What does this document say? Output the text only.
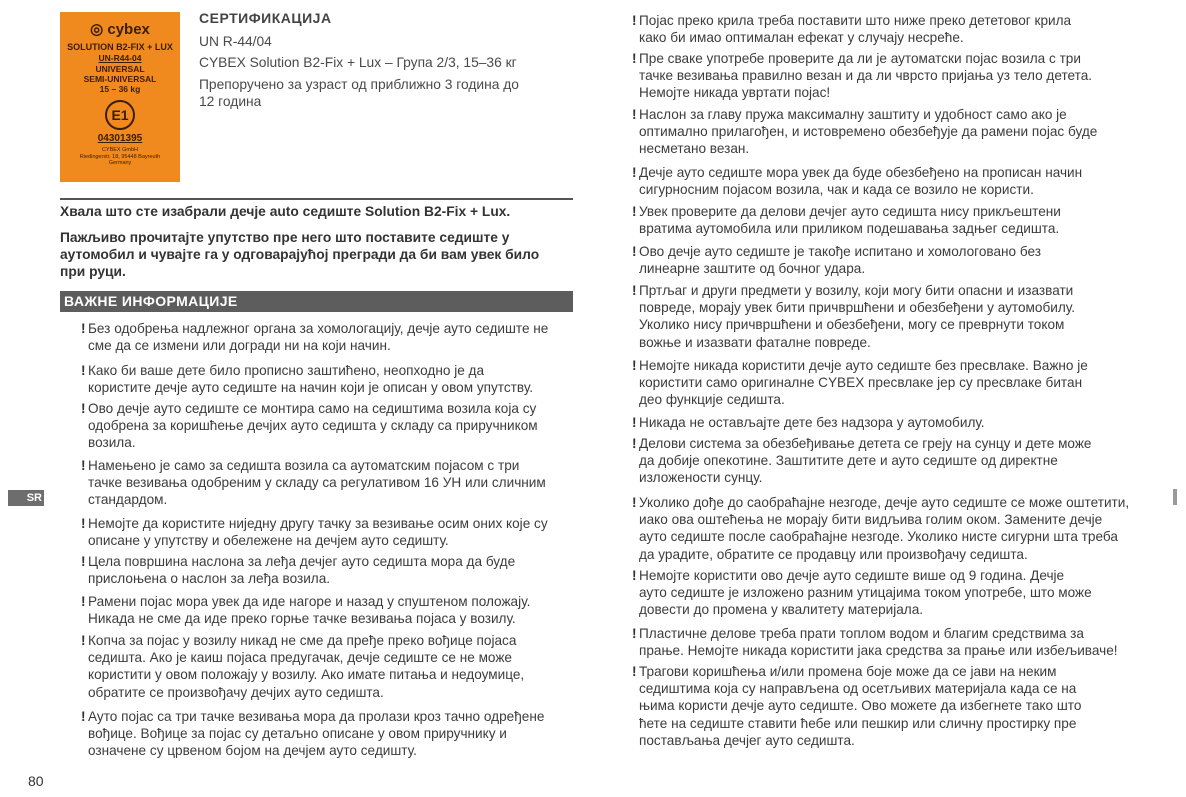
◎ cybex
SOLUTION B2-FIX + LUX
UN-R44-04
UNIVERSAL
SEMI-UNIVERSAL
15 – 36 kg
E1
04301395
CYBEX GmbH
Riedingerstr. 18, 95448 Bayreuth
Germany
СЕРТИФИКАЦИЈА
UN R-44/04
CYBEX Solution B2-Fix + Lux – Група 2/3, 15–36 кг
Препоручено за узраст од приближно 3 година до
12 година
Хвала што сте изабрали дечје auto седиште Solution B2-Fix + Lux.
Пажљиво прочитајте упутство пре него што поставите седиште у
аутомобил и чувајте га у одговарајућој прегради да би вам увек било
при руци.
ВАЖНЕ ИНФОРМАЦИЈЕ
! Без одобрења надлежног органа за хомологацију, дечје ауто седиште не
сме да се измени или догради ни на који начин.
! Како би ваше дете било прописно заштићено, неопходно је да
користите дечје ауто седиште на начин који је описан у овом упутству.
! Ово дечје ауто седиште се монтира само на седиштима возила која су
одобрена за коришћење дечјих ауто седишта у складу са приручником
возила.
! Намењено је само за седишта возила са аутоматским појасом с три
тачке везивања одобреним у складу са регулативом 16 УН или сличним
стандардом.
! Немојте да користите ниједну другу тачку за везивање осим оних које су
описане у упутству и обележене на дечјем ауто седишту.
! Цела површина наслона за леђа дечјег ауто седишта мора да буде
прислоњена о наслон за леђа возила.
! Рамени појас мора увек да иде нагоре и назад у спуштеном положају.
Никада не сме да иде преко горње тачке везивања појаса у возилу.
! Копча за појас у возилу никад не сме да пређе преко вођице појаса
седишта. Ако је каиш појаса предугачак, дечје седиште се не може
користити у овом положају у возилу. Ако имате питања и недоумице,
обратите се произвођачу дечјих ауто седишта.
! Ауто појас са три тачке везивања мора да пролази кроз тачно одређене
вођице. Вођице за појас су детаљно описане у овом приручнику и
означене су црвеном бојом на дечјем ауто седишту.
! Појас преко крила треба поставити што ниже преко дететовог крила
како би имао оптималан ефекат у случају несреће.
! Пре сваке употребе проверите да ли је аутоматски појас возила с три
тачке везивања правилно везан и да ли чврсто пријања уз тело детета.
Немојте никада увртати појас!
! Наслон за главу пружа максималну заштиту и удобност само ако је
оптимално прилагођен, и истовремено обезбеђује да рамени појас буде
несметано везан.
! Дечје ауто седиште мора увек да буде обезбеђено на прописан начин
сигурносним појасом возила, чак и када се возило не користи.
! Увек проверите да делови дечјег ауто седишта нису прикљештени
вратима аутомобила или приликом подешавања задњег седишта.
! Ово дечје ауто седиште је такође испитано и хомологовано без
линеарне заштите од бочног удара.
! Пртљаг и други предмети у возилу, који могу бити опасни и изазвати
повреде, морају увек бити причвршћени и обезбеђени у аутомобилу.
Уколико нису причвршћени и обезбеђени, могу се преврнути током
вожње и изазвати фаталне повреде.
! Немојте никада користити дечје ауто седиште без пресвлаке. Важно је
користити само оригиналне CYBEX пресвлаке јер су пресвлаке битан
део функције седишта.
! Никада не остављајте дете без надзора у аутомобилу.
! Делови система за обезбеђивање детета се греју на сунцу и дете може
да добије опекотине. Заштитите дете и ауто седиште од директне
изложености сунцу.
! Уколико дође до саобраћајне незгоде, дечје ауто седиште се може оштетити,
иако ова оштећења не морају бити видљива голим оком. Замените дечје
ауто седиште после саобраћајне незгоде. Уколико нисте сигурни шта треба
да урадите, обратите се продавцу или произвођачу седишта.
! Немојте користити ово дечје ауто седиште више од 9 година. Дечје
ауто седиште је изложено разним утицајима током употребе, што може
довести до промена у квалитету материјала.
! Пластичне делове треба прати топлом водом и благим средствима за
прање. Немојте никада користити јака средства за прање или избељиваче!
! Трагови коришћења и/или промена боје може да се јави на неким
седиштима која су направљена од осетљивих материјала када се на
њима користи дечје ауто седиште. Ово можете да избегнете тако што
ћете на седиште ставити ћебе или пешкир или сличну простирку пре
постављања дечјег ауто седишта.
SR
80
